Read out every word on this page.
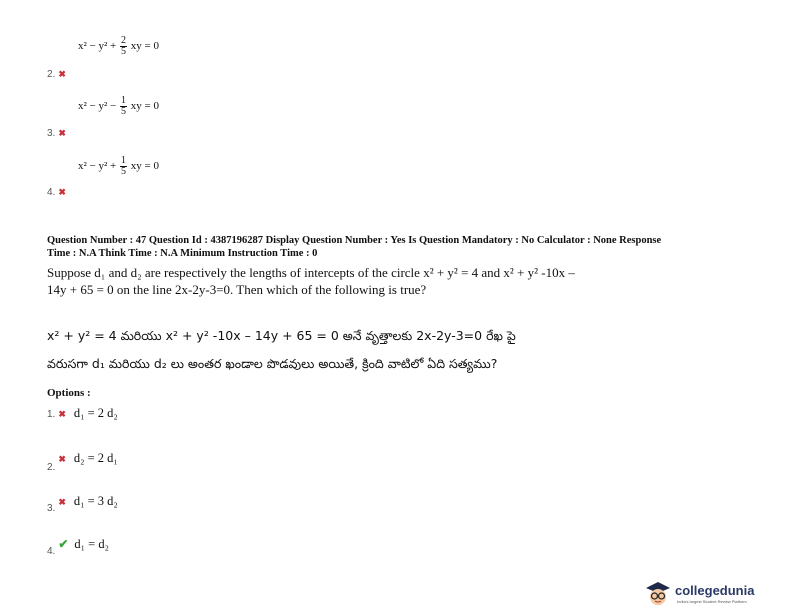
$x^2 - y^2 + \frac{2}{5}$ xy = 0
2. ✖
$x^2 - y^2 - \frac{1}{5}$ xy = 0
3. ✖
$x^2 - y^2 + \frac{1}{5}$ xy = 0
4. ✖
Question Number : 47 Question Id : 4387196287 Display Question Number : Yes Is Question Mandatory : No Calculator : None Response
Time : N.A Think Time : N.A Minimum Instruction Time : 0
Suppose d₁ and d₂ are respectively the lengths of intercepts of the circle x² + y² = 4 and x² + y² -10x – 14y + 65 = 0 on the line 2x-2y-3=0. Then which of the following is true?
x² + y² = 4 మరియు x² + y² -10x – 14y + 65 = 0 అనే వృత్తాలకు 2x-2y-3=0 రేఖ పై
వరుసగా d₁ మరియు d₂ లు అంతర ఖండాల పొడవులు అయితే, క్రింది వాటిలో ఏది సత్యము?
Options :
1. ✖ d₁ = 2 d₂
$_{2.}$✖ d₂ = 2 d₁
$_{3.}$✖ d₁ = 3 d₂
$_{4.}$✔ d₁ = d₂
collegedunia
India's largest Student Review Platform
